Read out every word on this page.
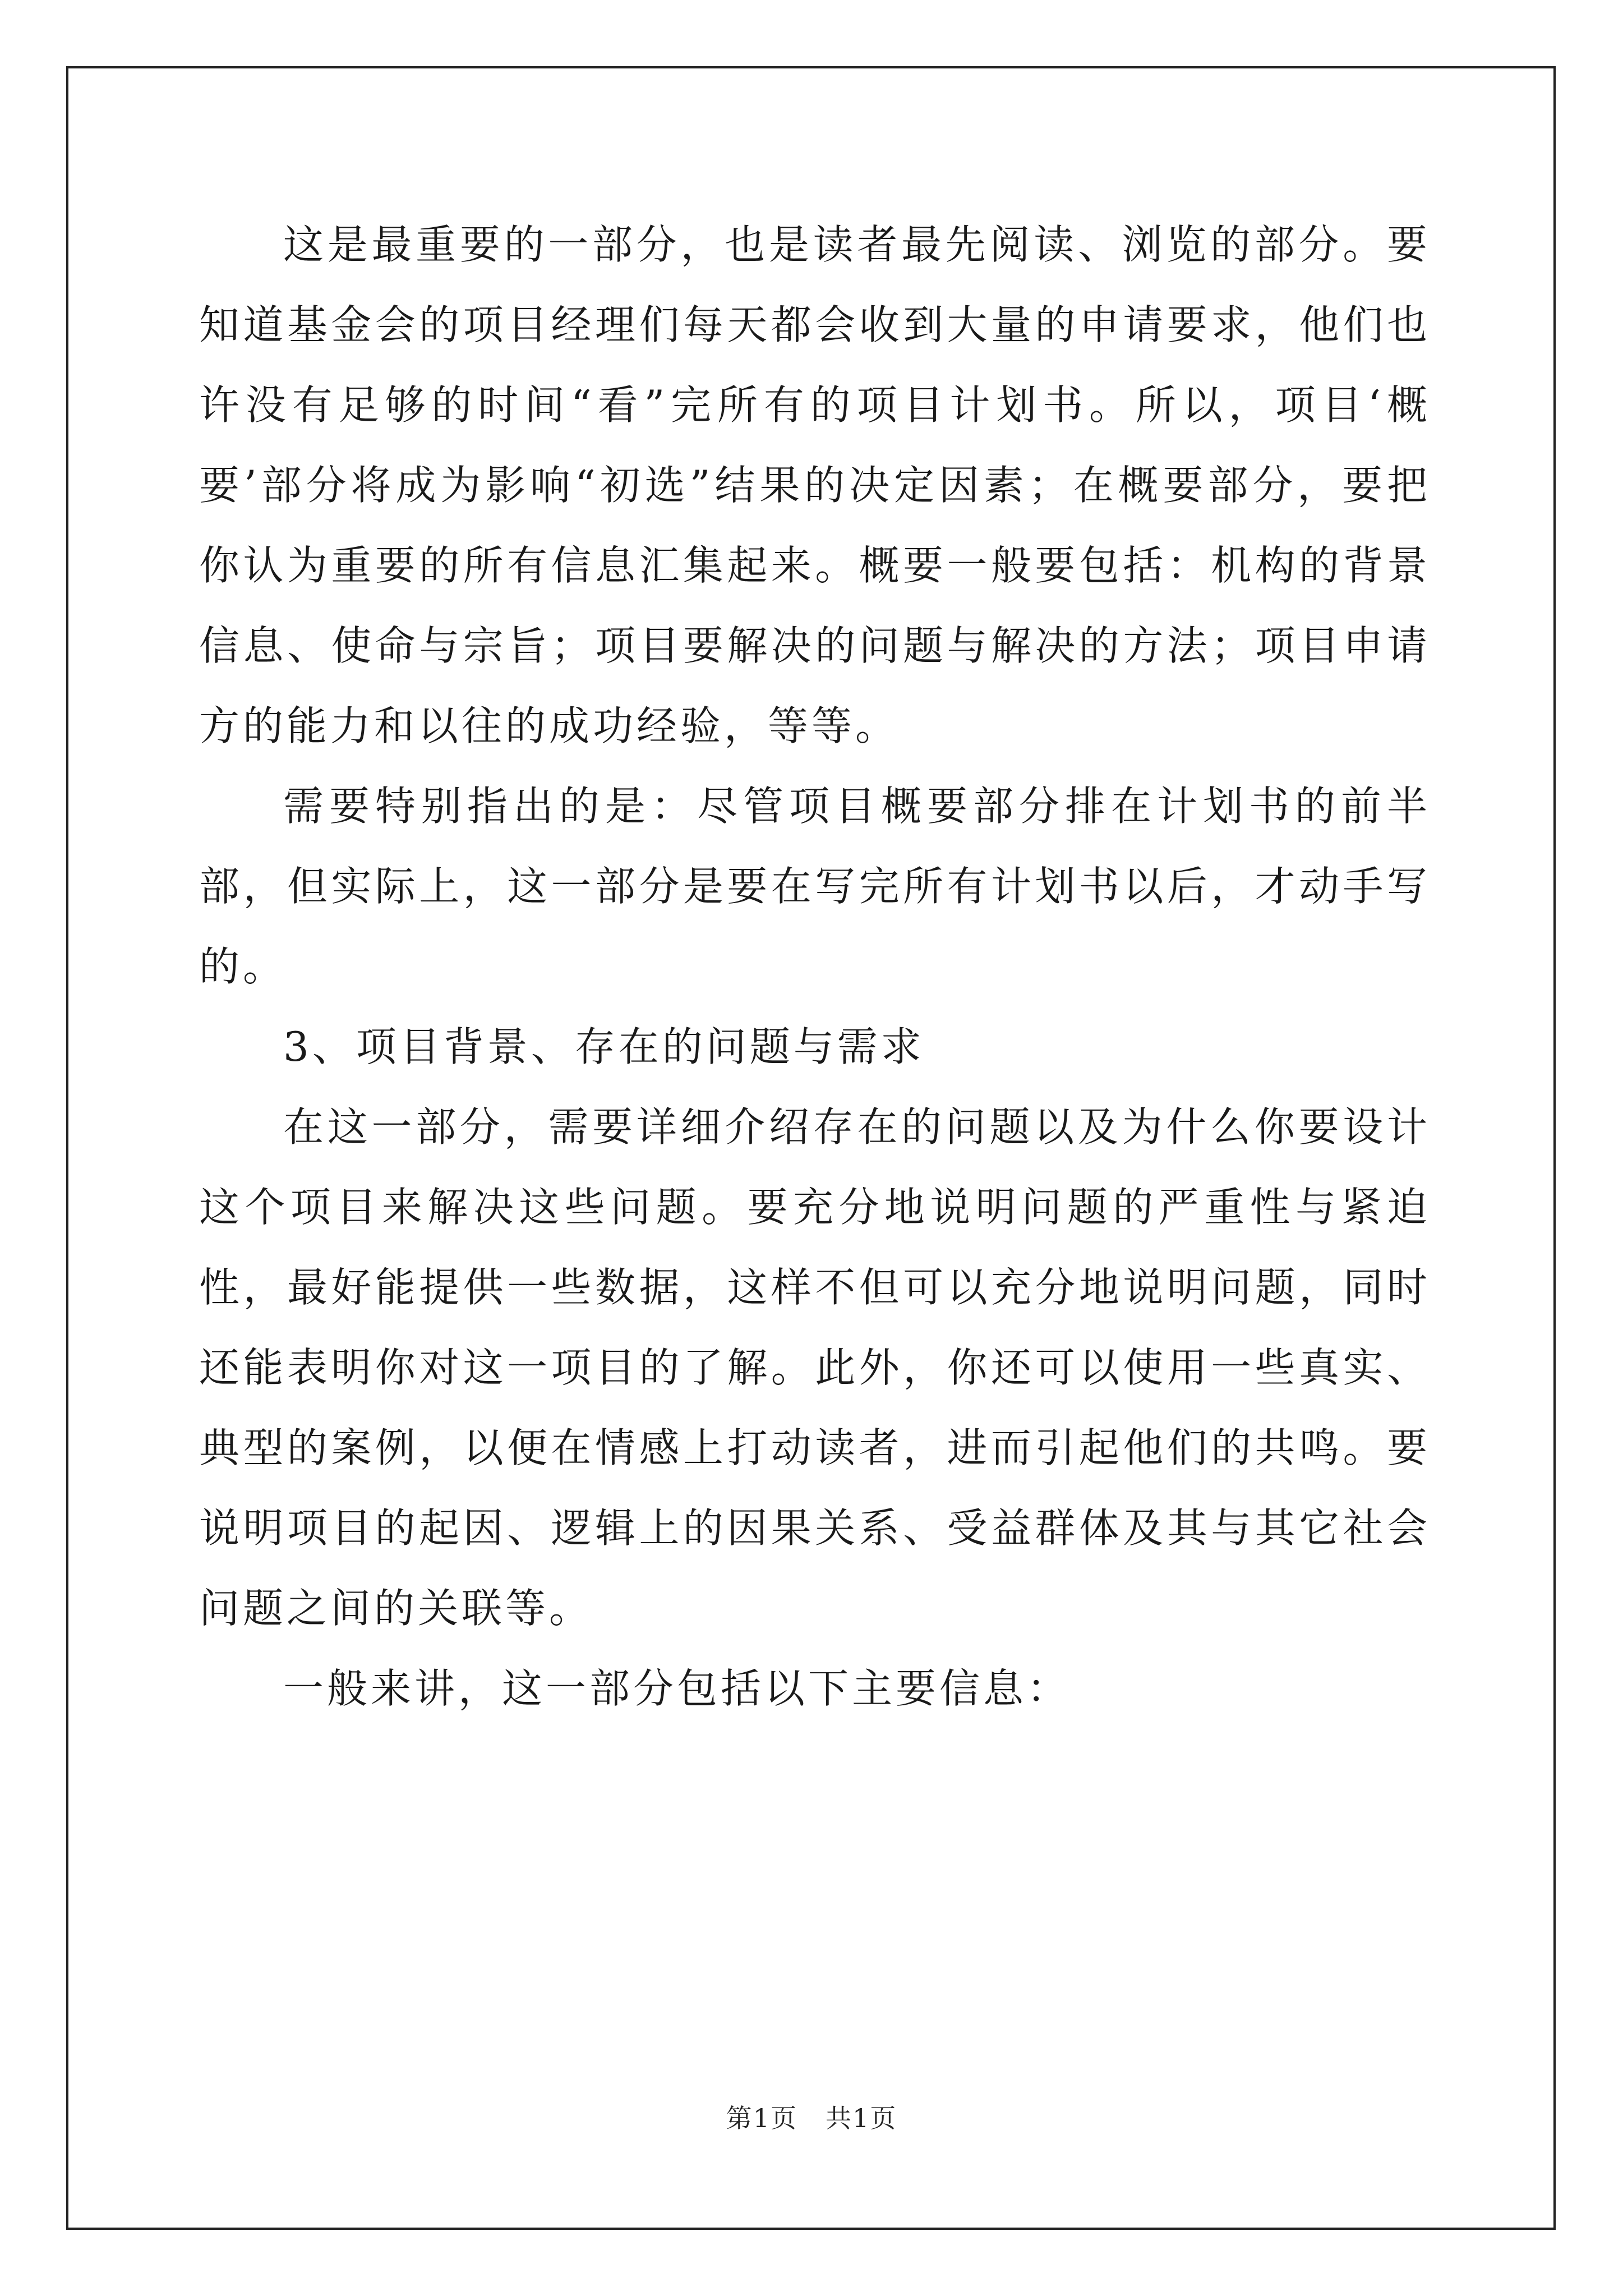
这是最重要的一部分，也是读者最先阅读、浏览的部分。要知道基金会的项目经理们每天都会收到大量的申请要求，他们也许没有足够的时间“看”完所有的项目计划书。所以，项目‘概要’部分将成为影响“初选”结果的决定因素；在概要部分，要把你认为重要的所有信息汇集起来。概要一般要包括：机构的背景信息、使命与宗旨；项目要解决的问题与解决的方法；项目申请方的能力和以往的成功经验，等等。

需要特别指出的是：尽管项目概要部分排在计划书的前半部，但实际上，这一部分是要在写完所有计划书以后，才动手写的。

3、项目背景、存在的问题与需求

在这一部分，需要详细介绍存在的问题以及为什么你要设计这个项目来解决这些问题。要充分地说明问题的严重性与紧迫性，最好能提供一些数据，这样不但可以充分地说明问题，同时还能表明你对这一项目的了解。此外，你还可以使用一些真实、典型的案例，以便在情感上打动读者，进而引起他们的共鸣。要说明项目的起因、逻辑上的因果关系、受益群体及其与其它社会问题之间的关联等。

一般来讲，这一部分包括以下主要信息：

第1页 共1页
